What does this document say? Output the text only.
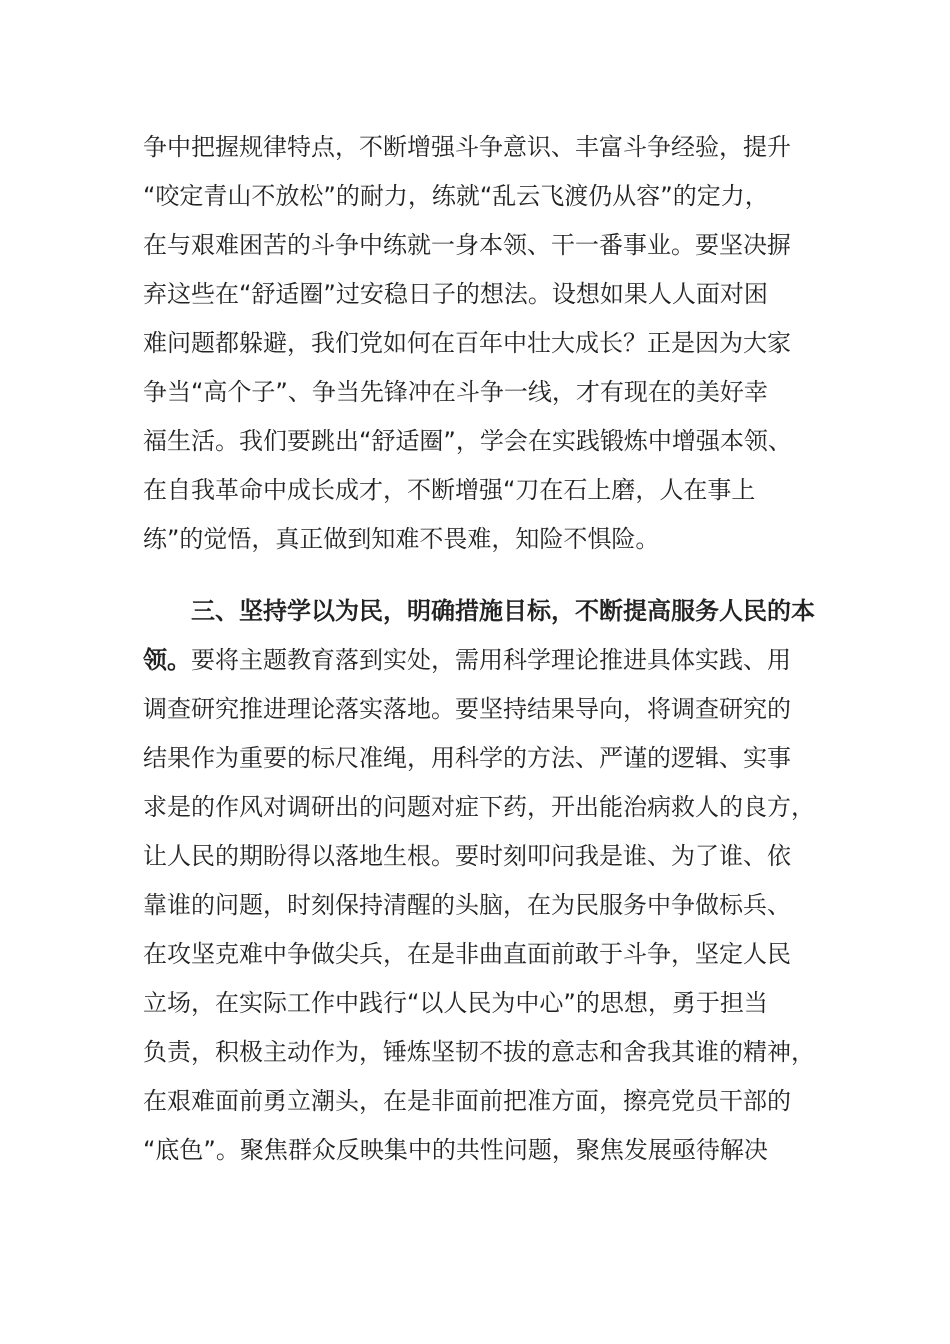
争中把握规律特点，不断增强斗争意识、丰富斗争经验，提升
“咬定青山不放松”的耐力，练就“乱云飞渡仍从容”的定力，
在与艰难困苦的斗争中练就一身本领、干一番事业。要坚决摒
弃这些在“舒适圈”过安稳日子的想法。设想如果人人面对困
难问题都躲避，我们党如何在百年中壮大成长？正是因为大家
争当“高个子”、争当先锋冲在斗争一线，才有现在的美好幸
福生活。我们要跳出“舒适圈”，学会在实践锻炼中增强本领、
在自我革命中成长成才，不断增强“刀在石上磨，人在事上
练”的觉悟，真正做到知难不畏难，知险不惧险。
三、坚持学以为民，明确措施目标，不断提高服务人民的本
领。要将主题教育落到实处，需用科学理论推进具体实践、用
调查研究推进理论落实落地。要坚持结果导向，将调查研究的
结果作为重要的标尺准绳，用科学的方法、严谨的逻辑、实事
求是的作风对调研出的问题对症下药，开出能治病救人的良方，
让人民的期盼得以落地生根。要时刻叩问我是谁、为了谁、依
靠谁的问题，时刻保持清醒的头脑，在为民服务中争做标兵、
在攻坚克难中争做尖兵，在是非曲直面前敢于斗争，坚定人民
立场，在实际工作中践行“以人民为中心”的思想，勇于担当
负责，积极主动作为，锤炼坚韧不拔的意志和舍我其谁的精神，
在艰难面前勇立潮头，在是非面前把准方面，擦亮党员干部的
“底色”。聚焦群众反映集中的共性问题，聚焦发展亟待解决
